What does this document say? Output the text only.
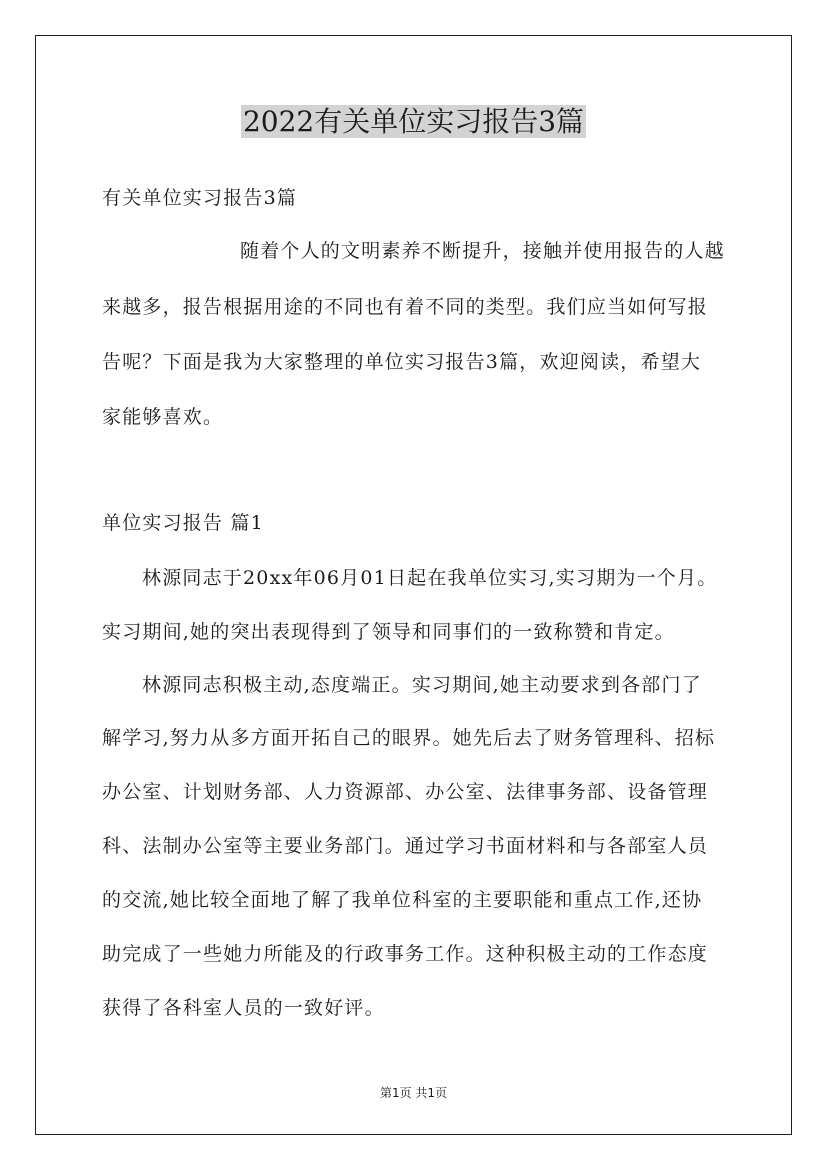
2022有关单位实习报告3篇
有关单位实习报告3篇
随着个人的文明素养不断提升，接触并使用报告的人越
来越多，报告根据用途的不同也有着不同的类型。我们应当如何写报
告呢？下面是我为大家整理的单位实习报告3篇，欢迎阅读，希望大
家能够喜欢。
单位实习报告 篇1
林源同志于20xx年06月01日起在我单位实习,实习期为一个月。
实习期间,她的突出表现得到了领导和同事们的一致称赞和肯定。
林源同志积极主动,态度端正。实习期间,她主动要求到各部门了
解学习,努力从多方面开拓自己的眼界。她先后去了财务管理科、招标
办公室、计划财务部、人力资源部、办公室、法律事务部、设备管理
科、法制办公室等主要业务部门。通过学习书面材料和与各部室人员
的交流,她比较全面地了解了我单位科室的主要职能和重点工作,还协
助完成了一些她力所能及的行政事务工作。这种积极主动的工作态度
获得了各科室人员的一致好评。
第1页 共1页
